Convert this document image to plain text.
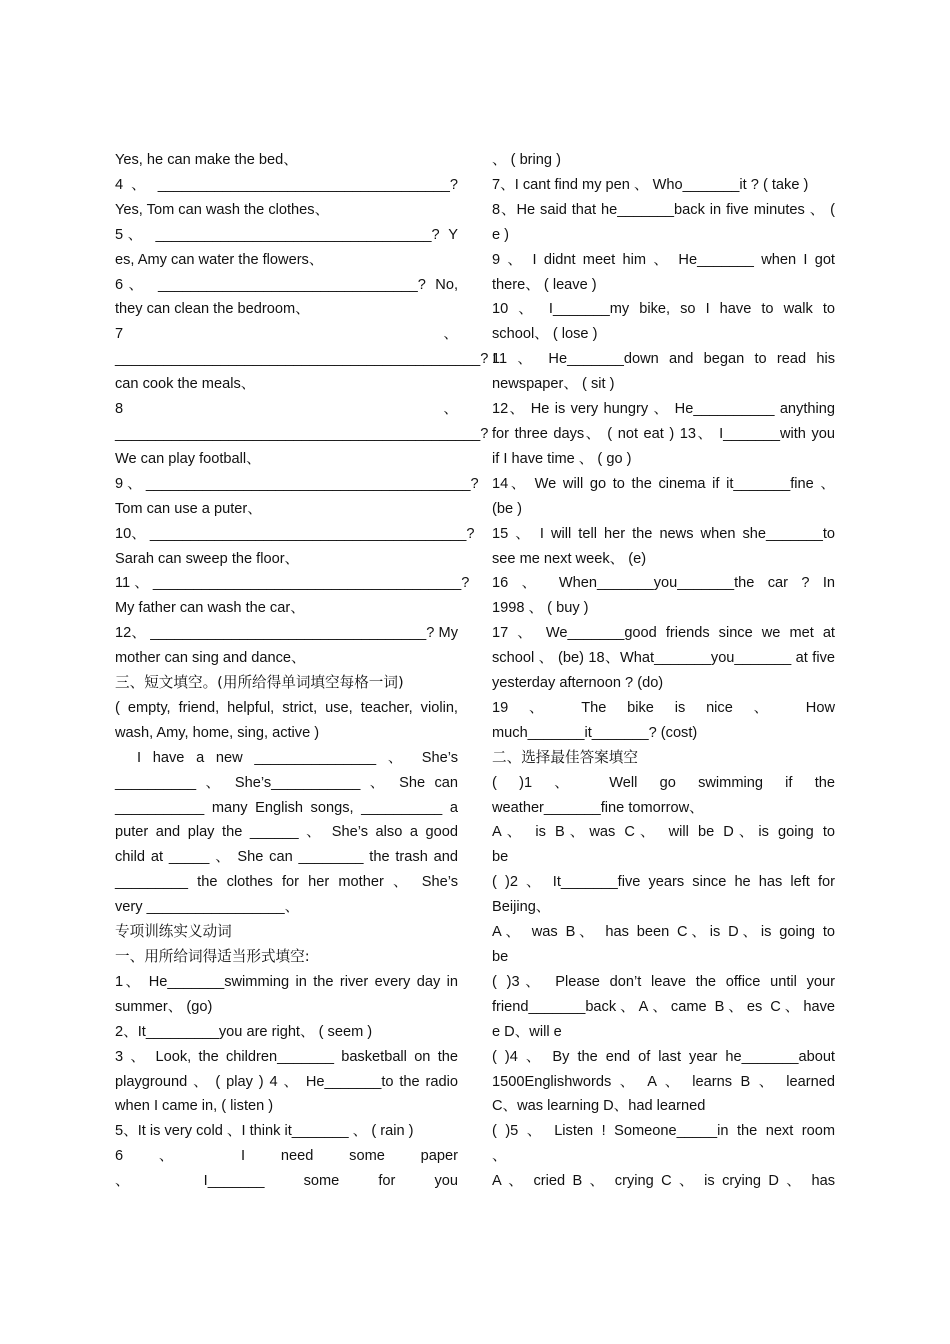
Yes, he can make the bed、
4 、 ____________________________________?
Yes, Tom can wash the clothes、
5、 __________________________________? Y
es, Amy can water the flowers、
6、 ________________________________? No,
they can clean the bedroom、
7 、
_____________________________________________? I
can cook the meals、
8 、
_____________________________________________?
We can play football、
9 、 ________________________________________?
Tom can use a puter、
10、 _______________________________________?
Sarah can sweep the floor、
11 、 ______________________________________?
My father can wash the car、
12、 __________________________________? My
mother can sing and dance、
三、短文填空。(用所给得单词填空每格一词)
( empty, friend, helpful, strict, use, teacher, violin,
wash, Amy, home, sing, active )
I have a new _______________ 、 She’s
__________ 、 She’s___________ 、 She can
___________ many English songs, __________ a
puter and play the ______ 、 She’s also a good
child at _____ 、 She can ________ the trash and
_________ the clothes for her mother 、 She’s
very _________________、
专项训练实义动词
一、用所给词得适当形式填空:
1、 He_______swimming in the river every day in
summer、 (go)
2、It_________you are right、 ( seem )
3 、 Look, the children_______ basketball on the
playground 、 ( play ) 4 、 He_______to the radio
when I came in, ( listen )
5、It is very cold 、I think it_______ 、 ( rain )
6 、 I need some paper
、 I_______ some for you
、 ( bring )
7、I cant find my pen 、 Who_______it ? ( take )
8、He said that he_______back in five minutes 、 (
e )
9 、 I didnt meet him 、 He_______ when I got
there、 ( leave )
10 、 I_______my bike, so I have to walk to
school、 ( lose )
11 、 He_______down and began to read his
newspaper、 ( sit )
12、 He is very hungry 、 He__________ anything
for three days、 ( not eat ) 13、 I_______with you
if I have time 、 ( go )
14、 We will go to the cinema if it_______fine 、
(be )
15 、 I will tell her the news when she_______to
see me next week、 (e)
16 、 When_______you_______the car ? In
1998 、 ( buy )
17 、 We_______good friends since we met at
school 、 (be) 18、What_______you_______ at five
yesterday afternoon ? (do)
19 、 The bike is nice 、 How
much_______it_______? (cost)
二、选择最佳答案填空
( )1 、 Well go swimming if the
weather_______fine tomorrow、
A、 is B、was C、 will be D、is going to
be
( )2 、 It_______five years since he has left for
Beijing、
A、 was B、 has been C、is D、is going to
be
( )3、 Please don’t leave the office until your
friend_______back、A、came B、es C、have
e D、will e
( )4 、 By the end of last year he_______about
1500Englishwords 、 A 、 learns B 、 learned
C、was learning D、had learned
( )5 、 Listen ! Someone_____in the next room
、
A 、 cried B 、 crying C 、 is crying D 、 has
